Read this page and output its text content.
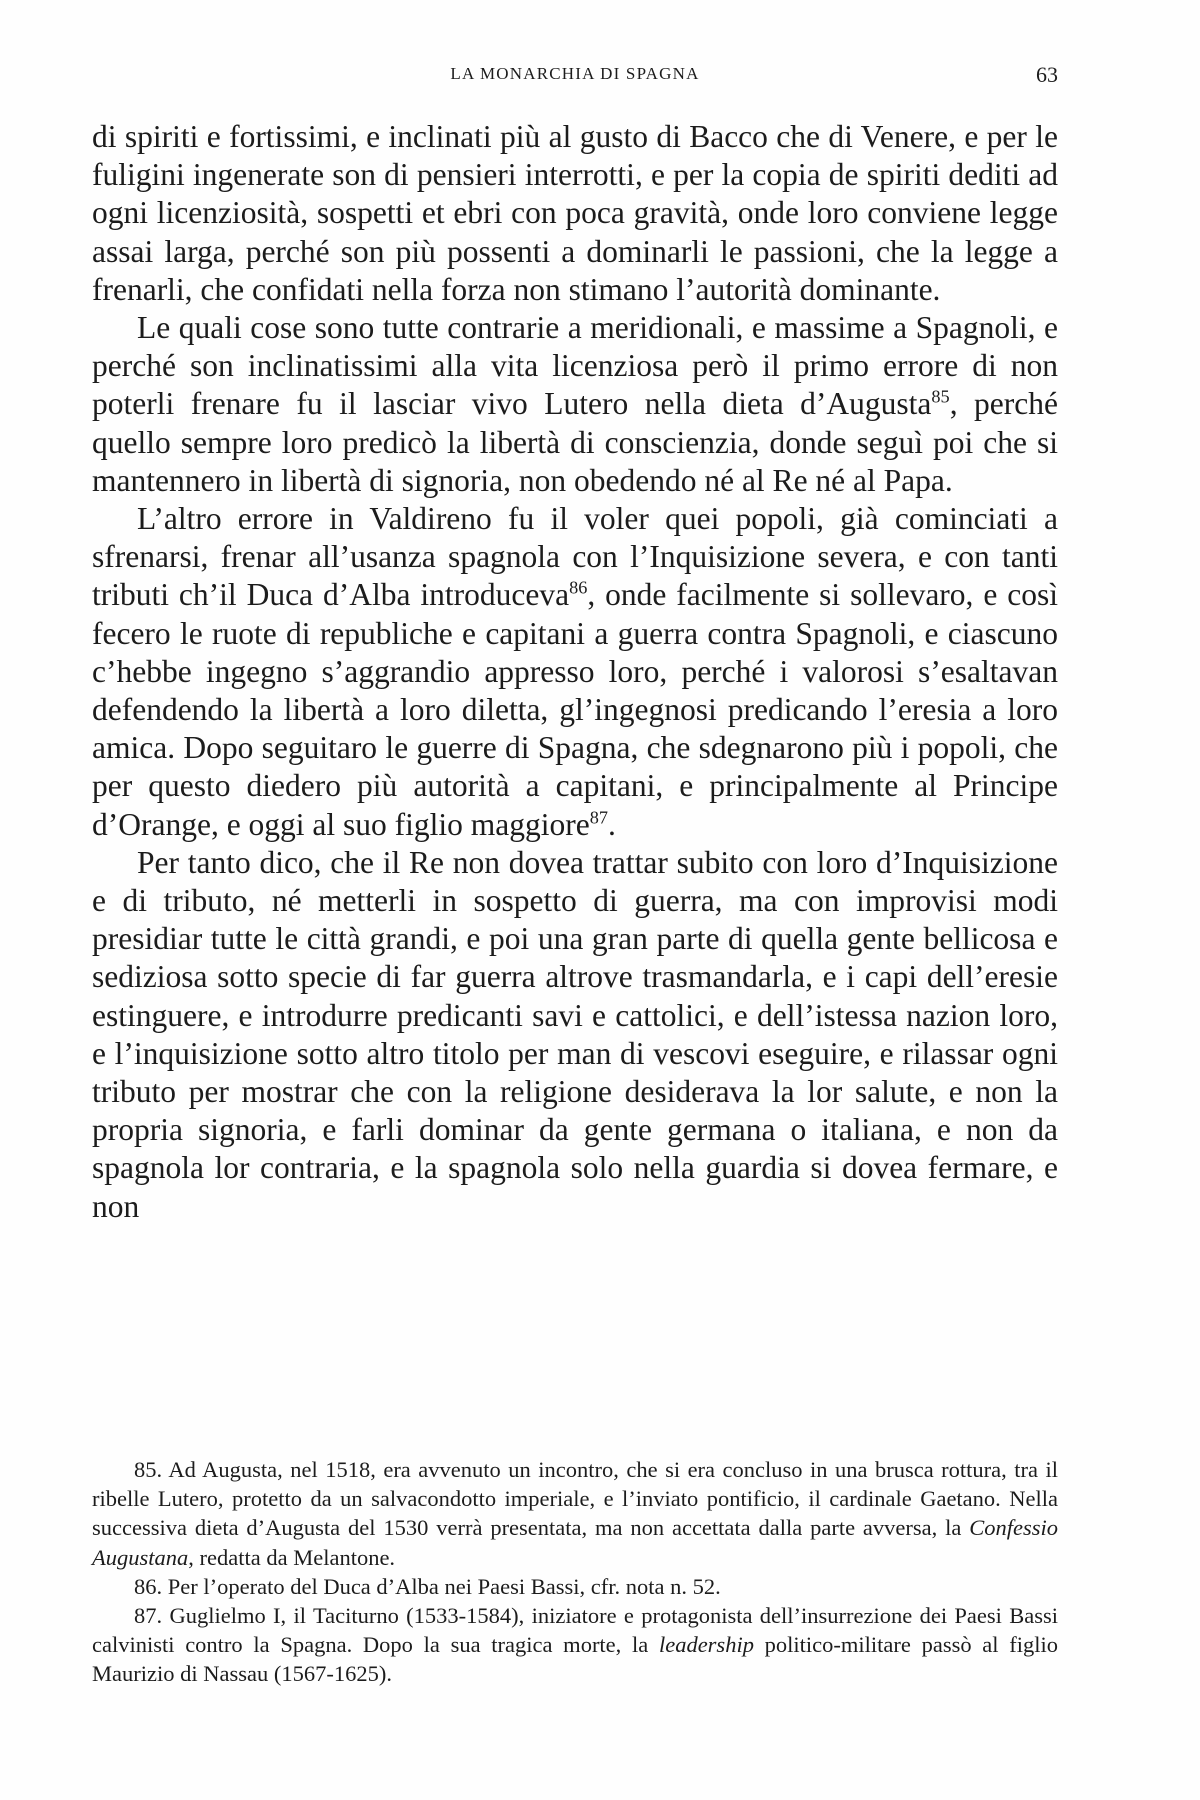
LA MONARCHIA DI SPAGNA	63

di spiriti e fortissimi, e inclinati più al gusto di Bacco che di Venere, e per le fuligini ingenerate son di pensieri interrotti, e per la copia de spiriti dediti ad ogni licenziosità, sospetti et ebri con poca gravità, onde loro conviene legge assai larga, perché son più possenti a dominarli le passioni, che la legge a frenarli, che confidati nella forza non stimano l’autorità dominante.

Le quali cose sono tutte contrarie a meridionali, e massime a Spagnoli, e perché son inclinatissimi alla vita licenziosa però il primo errore di non poterli frenare fu il lasciar vivo Lutero nella dieta d’Augusta$^{85}$, perché quello sempre loro predicò la libertà di conscienzia, donde seguì poi che si mantennero in libertà di signoria, non obedendo né al Re né al Papa.

L’altro errore in Valdireno fu il voler quei popoli, già cominciati a sfrenarsi, frenar all’usanza spagnola con l’Inquisizione severa, e con tanti tributi ch’il Duca d’Alba introduceva$^{86}$, onde facilmente si sollevaro, e così fecero le ruote di republiche e capitani a guerra contra Spagnoli, e ciascuno c’hebbe ingegno s’aggrandio appresso loro, perché i valorosi s’esaltavan defendendo la libertà a loro diletta, gl’ingegnosi predicando l’eresia a loro amica. Dopo seguitaro le guerre di Spagna, che sdegnarono più i popoli, che per questo diedero più autorità a capitani, e principalmente al Principe d’Orange, e oggi al suo figlio maggiore$^{87}$.

Per tanto dico, che il Re non dovea trattar subito con loro d’Inquisizione e di tributo, né metterli in sospetto di guerra, ma con improvisi modi presidiar tutte le città grandi, e poi una gran parte di quella gente bellicosa e sediziosa sotto specie di far guerra altrove trasmandarla, e i capi dell’eresie estinguere, e introdurre predicanti savi e cattolici, e dell’istessa nazion loro, e l’inquisizione sotto altro titolo per man di vescovi eseguire, e rilassar ogni tributo per mostrar che con la religione desiderava la lor salute, e non la propria signoria, e farli dominar da gente germana o italiana, e non da spagnola lor contraria, e la spagnola solo nella guardia si dovea fermare, e non

85. Ad Augusta, nel 1518, era avvenuto un incontro, che si era concluso in una brusca rottura, tra il ribelle Lutero, protetto da un salvacondotto imperiale, e l’inviato pontificio, il cardinale Gaetano. Nella successiva dieta d’Augusta del 1530 verrà presentata, ma non accettata dalla parte avversa, la Confessio Augustana, redatta da Melantone.

86. Per l’operato del Duca d’Alba nei Paesi Bassi, cfr. nota n. 52.

87. Guglielmo I, il Taciturno (1533-1584), iniziatore e protagonista dell’insurrezione dei Paesi Bassi calvinisti contro la Spagna. Dopo la sua tragica morte, la leadership politico-militare passò al figlio Maurizio di Nassau (1567-1625).
